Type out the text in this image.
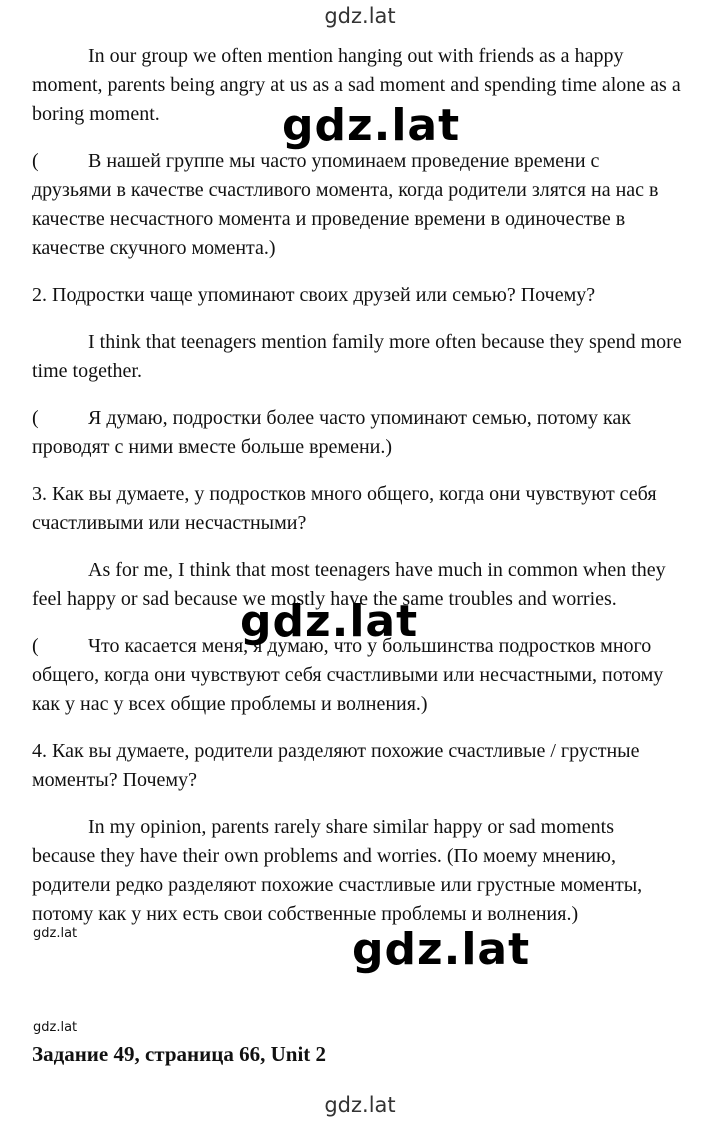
gdz.lat

In our group we often mention hanging out with friends as a happy moment, parents being angry at us as a sad moment and spending time alone as a boring moment.

( В нашей группе мы часто упоминаем проведение времени с друзьями в качестве счастливого момента, когда родители злятся на нас в качестве несчастного момента и проведение времени в одиночестве в качестве скучного момента.)

2. Подростки чаще упоминают своих друзей или семью? Почему?

I think that teenagers mention family more often because they spend more time together.

( Я думаю, подростки более часто упоминают семью, потому как проводят с ними вместе больше времени.)

3. Как вы думаете, у подростков много общего, когда они чувствуют себя счастливыми или несчастными?

As for me, I think that most teenagers have much in common when they feel happy or sad because we mostly have the same troubles and worries.

( Что касается меня, я думаю, что у большинства подростков много общего, когда они чувствуют себя счастливыми или несчастными, потому как у нас у всех общие проблемы и волнения.)

4. Как вы думаете, родители разделяют похожие счастливые / грустные моменты? Почему?

In my opinion, parents rarely share similar happy or sad moments because they have their own problems and worries. (По моему мнению, родители редко разделяют похожие счастливые или грустные моменты, потому как у них есть свои собственные проблемы и волнения.)

gdz.lat
gdz.lat
gdz.lat
gdz.lat
gdz.lat
Задание 49, страница 66, Unit 2
gdz.lat
